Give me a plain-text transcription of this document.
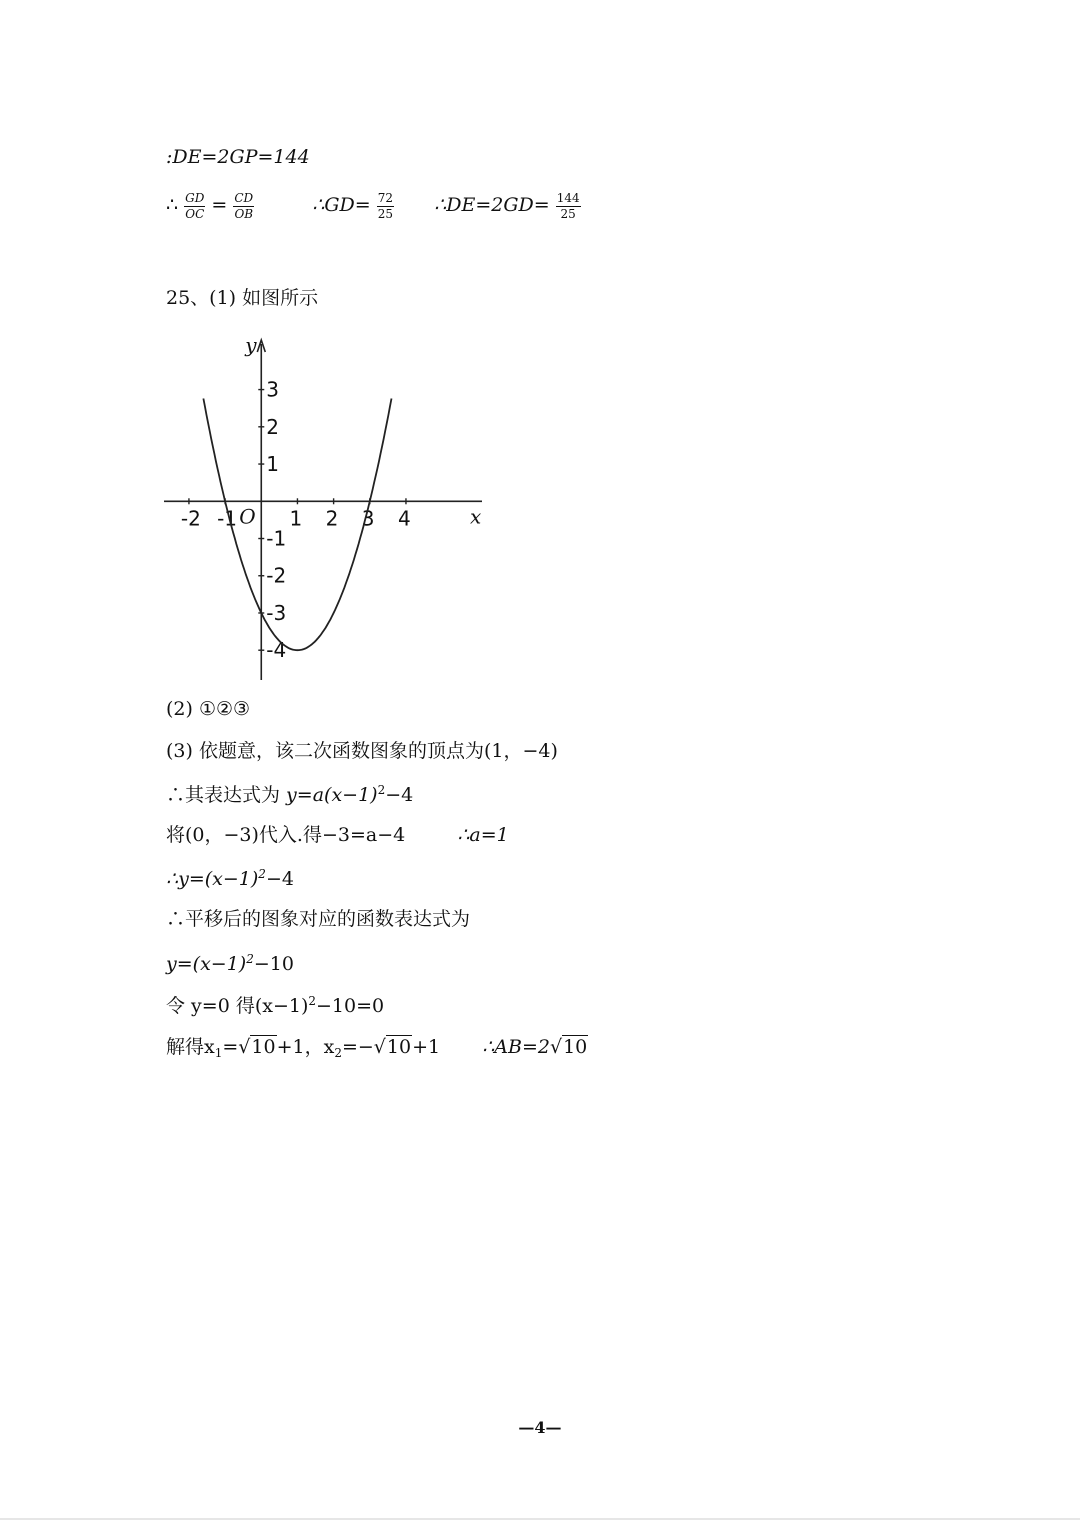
:DE=2GP=144
∴ $\frac{GD}{OC} = \frac{CD}{OB}$	∴GD= $\frac{72}{25}$ ∴DE=2GD= $\frac{144}{25}$
25、(1) 如图所示
x
y
O
-2 -1	1 2 3 4
3
2
1
-1
-2
-3
-4
(2) ①②③
(3) 依题意，该二次函数图象的顶点为(1，−4)
∴其表达式为 $y=a(x-1)^2-4$
将(0，−3)代入.得−3=a−4	∴a=1
$\therefore y=(x-1)^2-4$
∴平移后的图象对应的函数表达式为
$y=(x-1)^2-10$
令 y=0 得$(x-1)^2-10=0$
解得$x_1=√10+1$，$x_2=-√10+1$ ∴AB=2√10
—4—
